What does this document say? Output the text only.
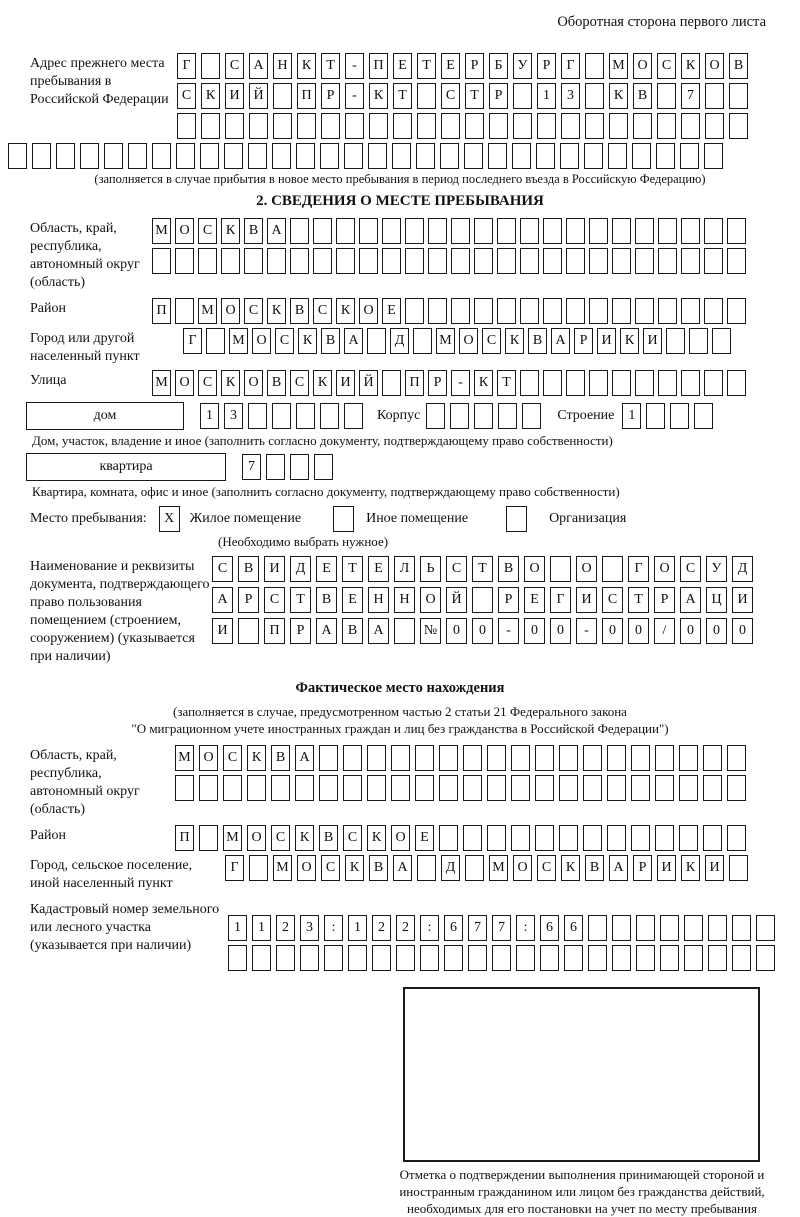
Оборотная сторона первого листа
Адрес прежнего места пребывания в Российской Федерации
Г	С	А Н	К	Т	-	П	Е	Т	Е	Р	Б	У	Р	Г	М О	С	К	О	В
С	К	И Й	П	Р	-	К	Т	С	Т	Р	1	3	К	В	7
(заполняется в случае прибытия в новое место пребывания в период последнего въезда в Российскую Федерацию)
2. СВЕДЕНИЯ О МЕСТЕ ПРЕБЫВАНИЯ
Область, край, республика, автономный округ (область)
М О С К В А
Район	П	М О С К В С К О Е
Город или другой населенный пункт
Г	М О С К В А	Д	М О С К В А	Р	И К И
Улица	М О С К О В С К И Й	П	Р	-	К	Т
дом	1	3	Корпус	Строение	1
Дом, участок, владение и иное (заполнить согласно документу, подтверждающему право собственности)
квартира	7
Квартира, комната, офис и иное (заполнить согласно документу, подтверждающему право собственности)
Место пребывания:	X	Жилое помещение	Иное помещение	Организация
(Необходимо выбрать нужное)
Наименование и реквизиты документа, подтверждающего право пользования помещением (строением, сооружением) (указывается при наличии)
С	В	И	Д	Е	Т	Е	Л	Ь	С	Т	В	О	О	Г	О	С	У	Д
А	Р	С	Т	В	Е	Н	Н	О	Й	Р	Е	Г	И	С	Т	Р	А	Ц	И
И	П	Р	А	В	А	№	0	0	-	0	0	-	0	0	/	0	0	0
Фактическое место нахождения
(заполняется в случае, предусмотренном частью 2 статьи 21 Федерального закона
"О миграционном учете иностранных граждан и лиц без гражданства в Российской Федерации")
Область, край, республика, автономный округ (область)
М О	С	К	В	А
Район	П	М О	С	К	В	С	К	О	Е
Город, сельское поселение, иной населенный пункт
Г	М О	С	К	В	А	Д	М О	С	К	В	А	Р	И	К	И
Кадастровый номер земельного или лесного участка (указывается при наличии)
1	1	2	3	:	1	2	2	:	6	7	7	:	6	6
Отметка о подтверждении выполнения принимающей стороной и иностранным гражданином или лицом без гражданства действий, необходимых для его постановки на учет по месту пребывания
